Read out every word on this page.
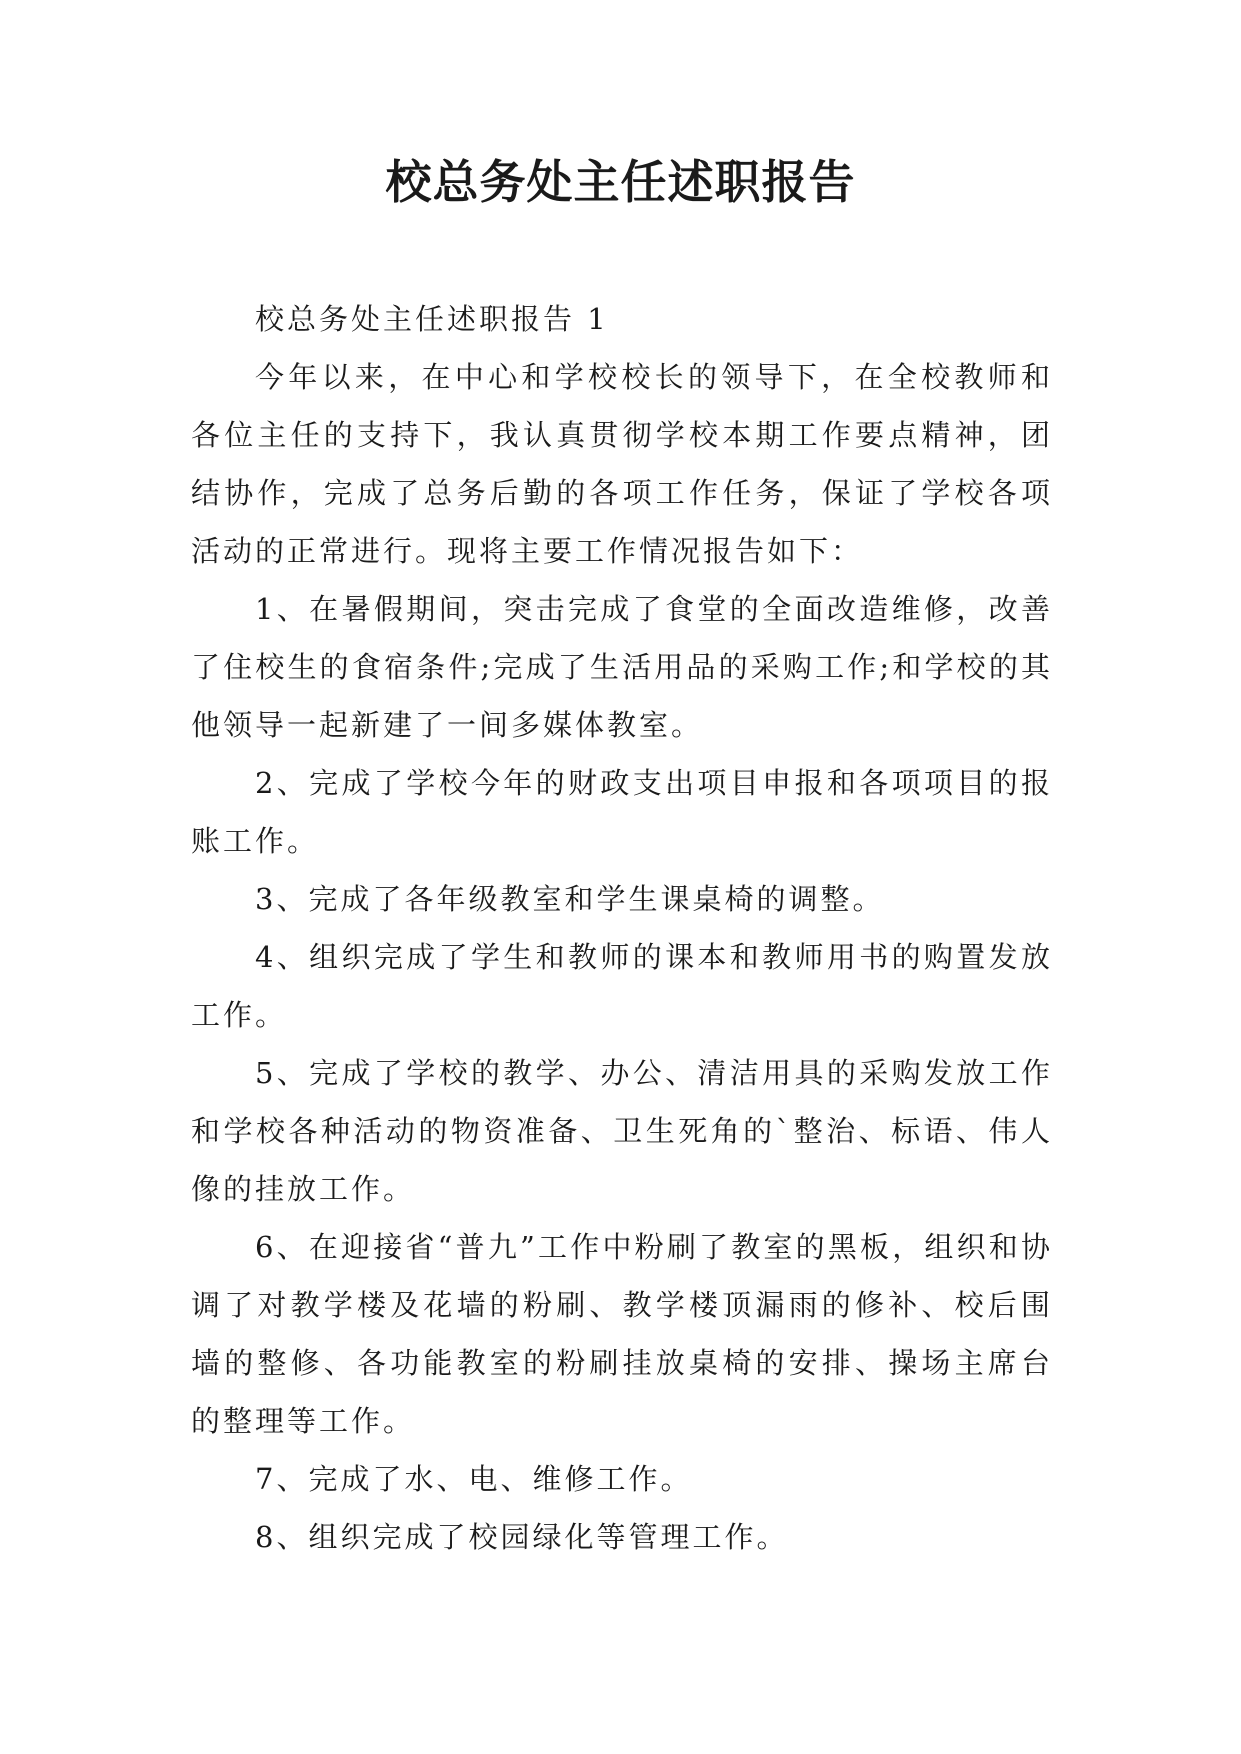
校总务处主任述职报告

校总务处主任述职报告 1

今年以来，在中心和学校校长的领导下，在全校教师和各位主任的支持下，我认真贯彻学校本期工作要点精神，团结协作，完成了总务后勤的各项工作任务，保证了学校各项活动的正常进行。现将主要工作情况报告如下：

1、在暑假期间，突击完成了食堂的全面改造维修，改善了住校生的食宿条件;完成了生活用品的采购工作;和学校的其他领导一起新建了一间多媒体教室。

2、完成了学校今年的财政支出项目申报和各项项目的报账工作。

3、完成了各年级教室和学生课桌椅的调整。

4、组织完成了学生和教师的课本和教师用书的购置发放工作。

5、完成了学校的教学、办公、清洁用具的采购发放工作和学校各种活动的物资准备、卫生死角的`整治、标语、伟人像的挂放工作。

6、在迎接省“普九”工作中粉刷了教室的黑板，组织和协调了对教学楼及花墙的粉刷、教学楼顶漏雨的修补、校后围墙的整修、各功能教室的粉刷挂放桌椅的安排、操场主席台的整理等工作。

7、完成了水、电、维修工作。

8、组织完成了校园绿化等管理工作。
